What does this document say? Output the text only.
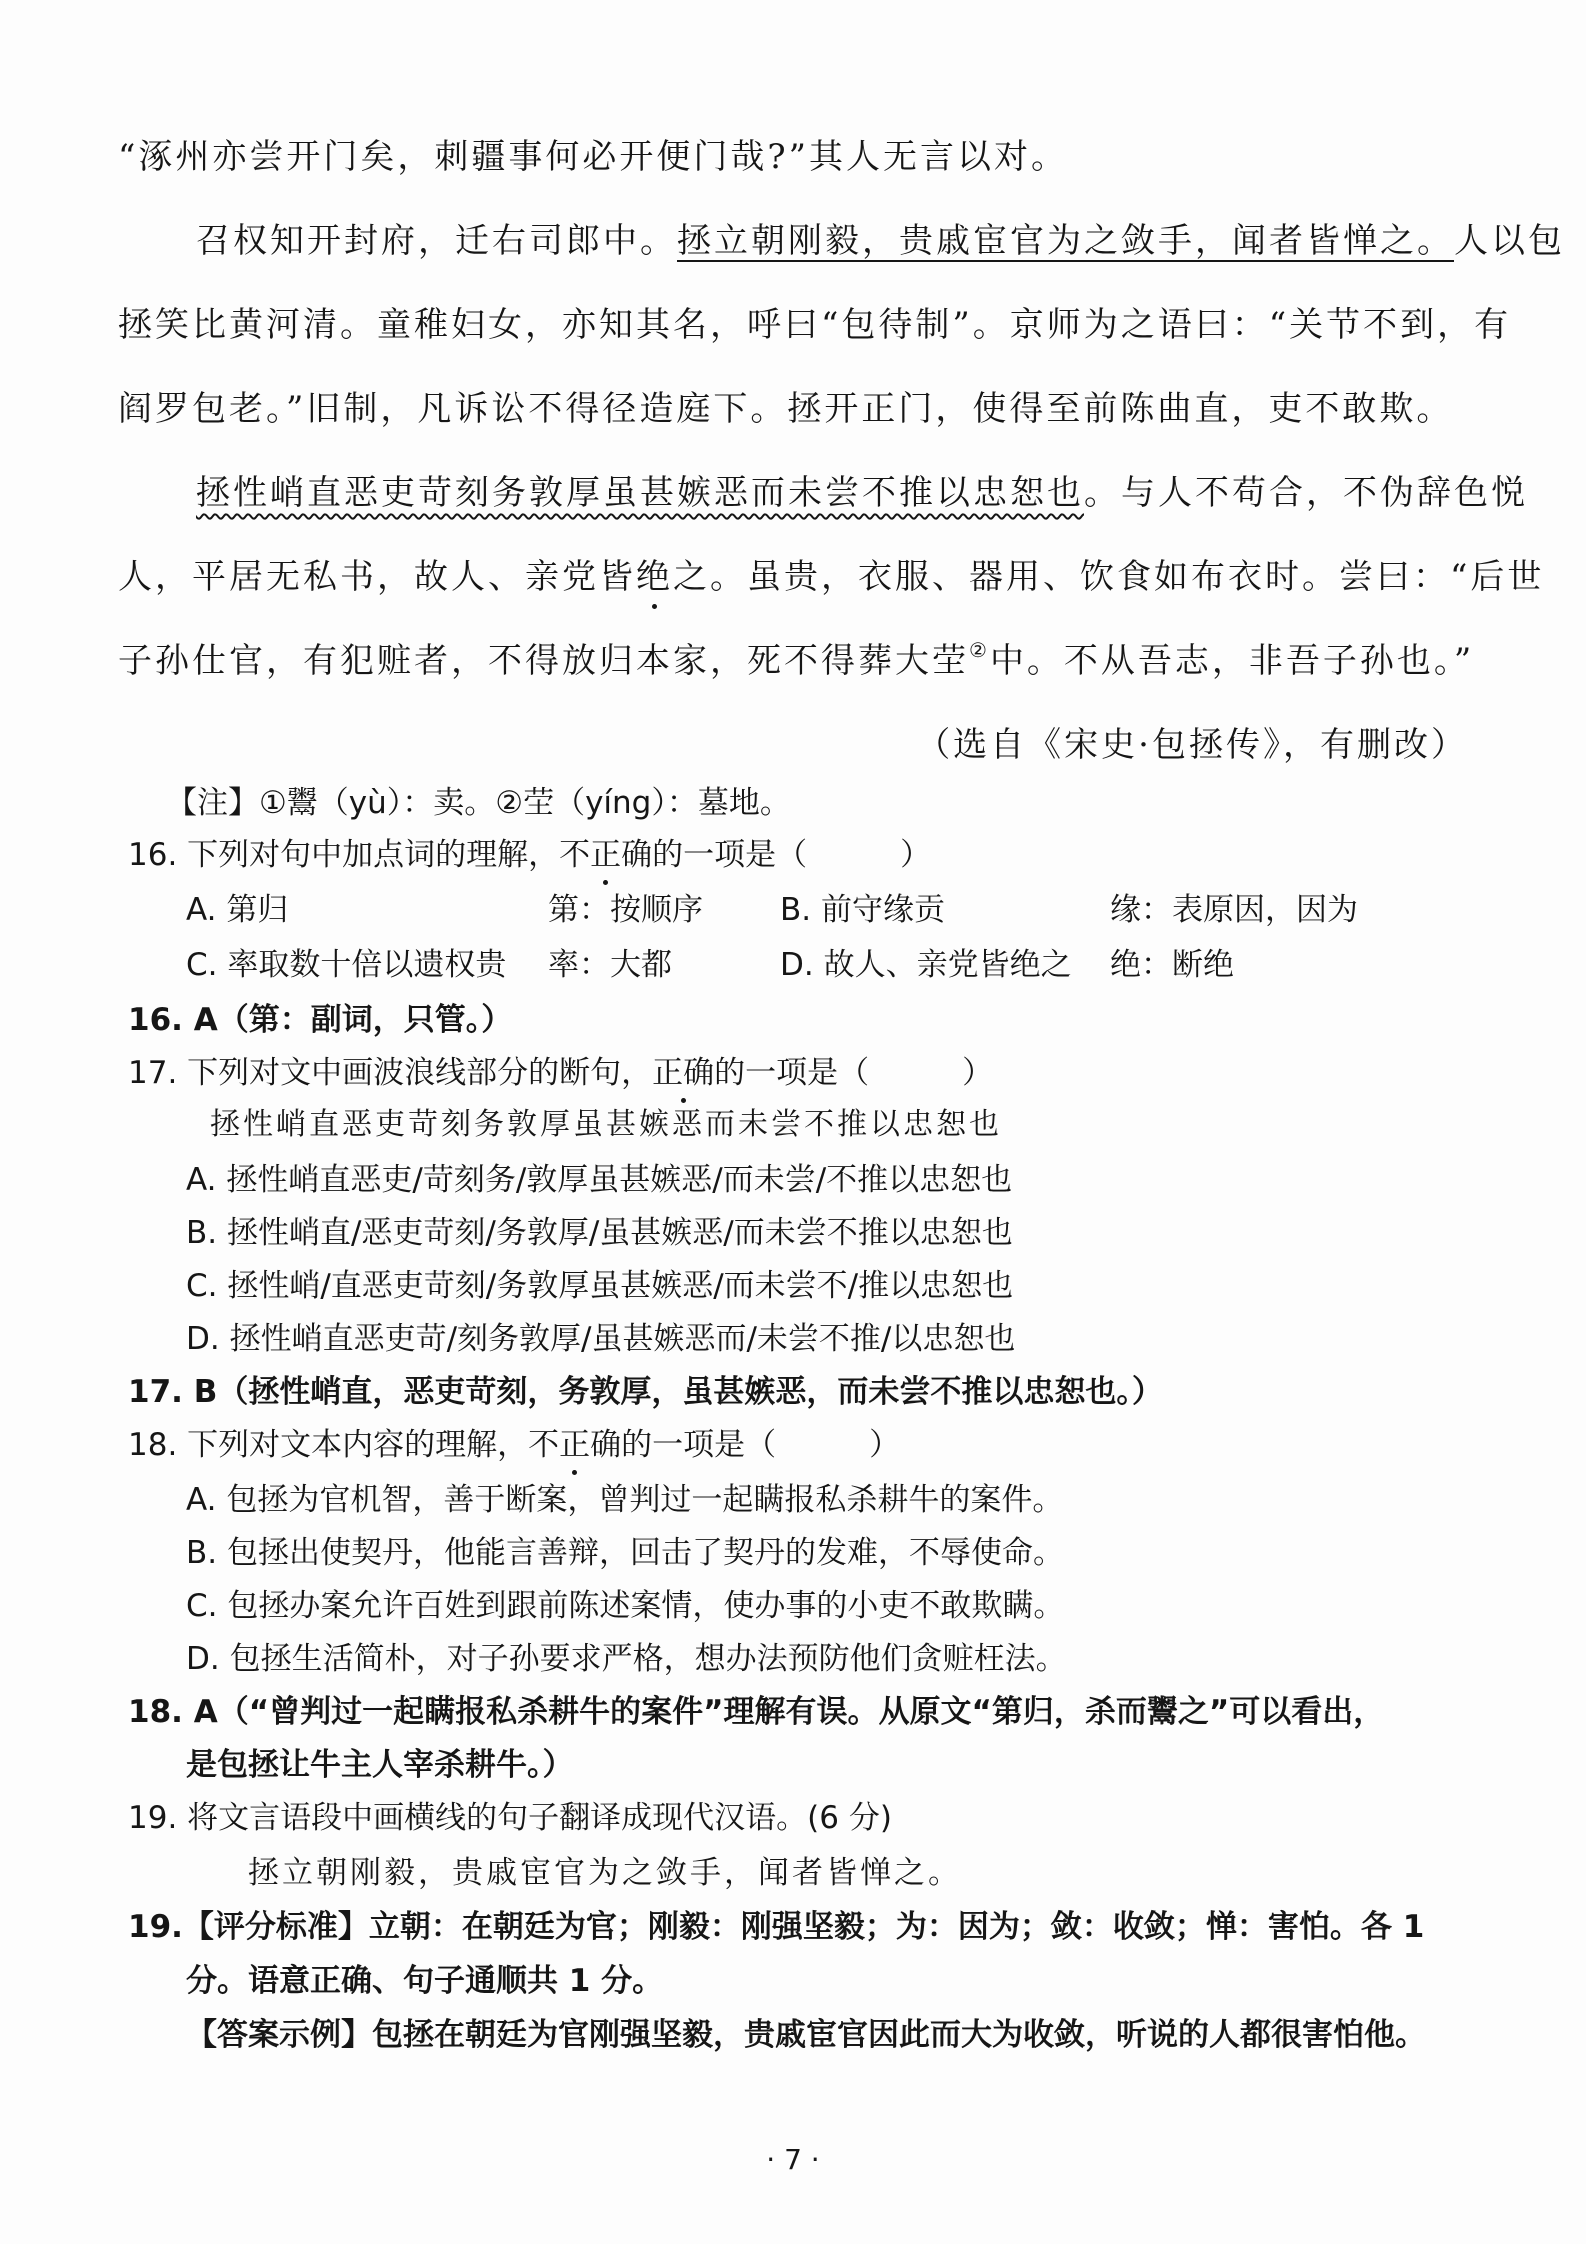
“涿州亦尝开门矣，刺疆事何必开便门哉?”其人无言以对。
召权知开封府，迁右司郎中。拯立朝刚毅，贵戚宦官为之敛手，闻者皆惮之。人以包
拯笑比黄河清。童稚妇女，亦知其名，呼曰“包待制”。京师为之语曰：“关节不到，有
阎罗包老。”旧制，凡诉讼不得径造庭下。拯开正门，使得至前陈曲直，吏不敢欺。
拯性峭直恶吏苛刻务敦厚虽甚嫉恶而未尝不推以忠恕也。与人不苟合，不伪辞色悦
人，平居无私书，故人、亲党皆绝之。虽贵，衣服、器用、饮食如布衣时。尝曰：“后世
子孙仕官，有犯赃者，不得放归本家，死不得葬大茔②中。不从吾志，非吾子孙也。”
（选自《宋史·包拯传》，有删改）
【注】①鬻（yù）：卖。②茔（yíng）：墓地。
16. 下列对句中加点词的理解，不正确的一项是（　　　）
A. 第归	第：按顺序 B. 前守缘贡	缘：表原因，因为
C. 率取数十倍以遗权贵 率：大都	D. 故人、亲党皆绝之 绝：断绝
16. A（第：副词，只管。）
17. 下列对文中画波浪线部分的断句，正确的一项是（　　　）
拯性峭直恶吏苛刻务敦厚虽甚嫉恶而未尝不推以忠恕也
A. 拯性峭直恶吏/苛刻务/敦厚虽甚嫉恶/而未尝/不推以忠恕也
B. 拯性峭直/恶吏苛刻/务敦厚/虽甚嫉恶/而未尝不推以忠恕也
C. 拯性峭/直恶吏苛刻/务敦厚虽甚嫉恶/而未尝不/推以忠恕也
D. 拯性峭直恶吏苛/刻务敦厚/虽甚嫉恶而/未尝不推/以忠恕也
17. B（拯性峭直，恶吏苛刻，务敦厚，虽甚嫉恶，而未尝不推以忠恕也。）
18. 下列对文本内容的理解，不正确的一项是（　　　）
A. 包拯为官机智，善于断案，曾判过一起瞒报私杀耕牛的案件。
B. 包拯出使契丹，他能言善辩，回击了契丹的发难，不辱使命。
C. 包拯办案允许百姓到跟前陈述案情，使办事的小吏不敢欺瞒。
D. 包拯生活简朴，对子孙要求严格，想办法预防他们贪赃枉法。
18. A（“曾判过一起瞒报私杀耕牛的案件”理解有误。从原文“第归，杀而鬻之”可以看出，
是包拯让牛主人宰杀耕牛。）
19. 将文言语段中画横线的句子翻译成现代汉语。(6 分)
拯立朝刚毅，贵戚宦官为之敛手，闻者皆惮之。
19.【评分标准】立朝：在朝廷为官；刚毅：刚强坚毅；为：因为；敛：收敛；惮：害怕。各 1
分。语意正确、句子通顺共 1 分。
【答案示例】包拯在朝廷为官刚强坚毅，贵戚宦官因此而大为收敛，听说的人都很害怕他。
· 7 ·
